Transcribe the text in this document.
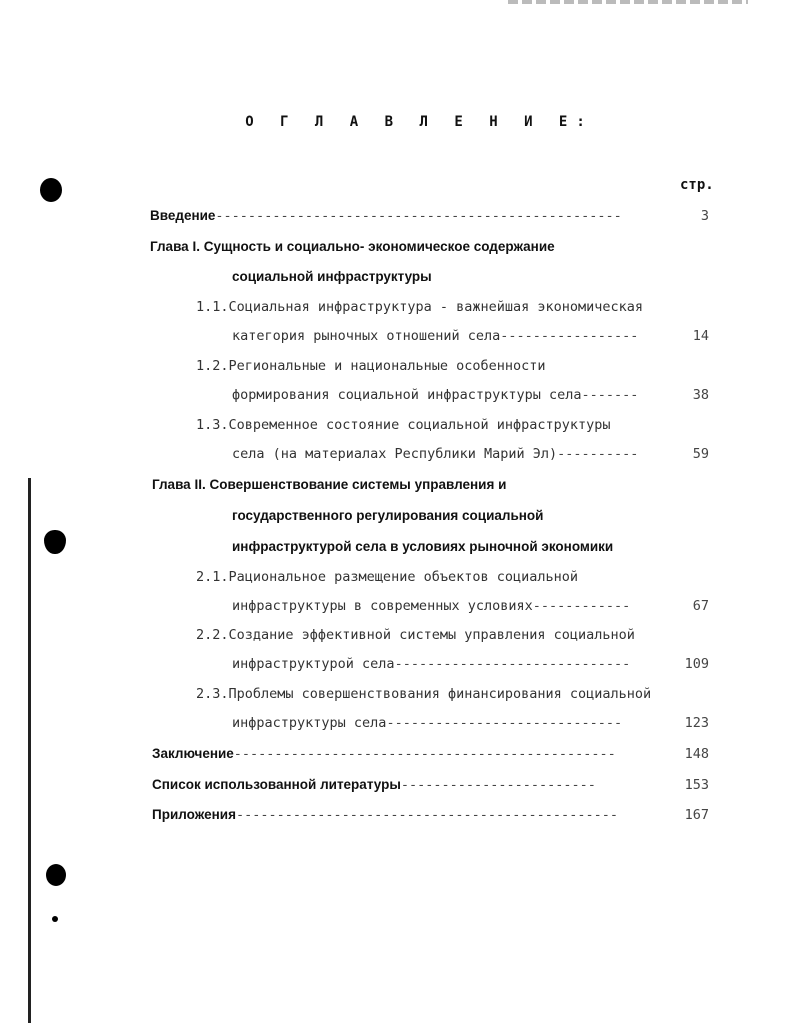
О Г Л А В Л Е Н И Е:
стр.
Введение--------------------------------------------------	3
Глава I. Сущность и социально- экономическое содержание
социальной инфраструктуры
1.1.Социальная инфраструктура - важнейшая экономическая
категория рыночных отношений села-----------------	14
1.2.Региональные и национальные особенности
формирования социальной инфраструктуры села-------	38
1.3.Современное состояние социальной инфраструктуры
села (на материалах Республики Марий Эл)----------	59
Глава II. Совершенствование системы управления и
государственного регулирования социальной
инфраструктурой села в условиях рыночной экономики
2.1.Рациональное размещение объектов социальной
инфраструктуры в современных условиях------------	67
2.2.Создание эффективной системы управления социальной
инфраструктурой села-----------------------------	109
2.3.Проблемы совершенствования финансирования социальной
инфраструктуры села-----------------------------	123
Заключение-----------------------------------------------	148
Список использованной литературы------------------------	153
Приложения-----------------------------------------------	167
